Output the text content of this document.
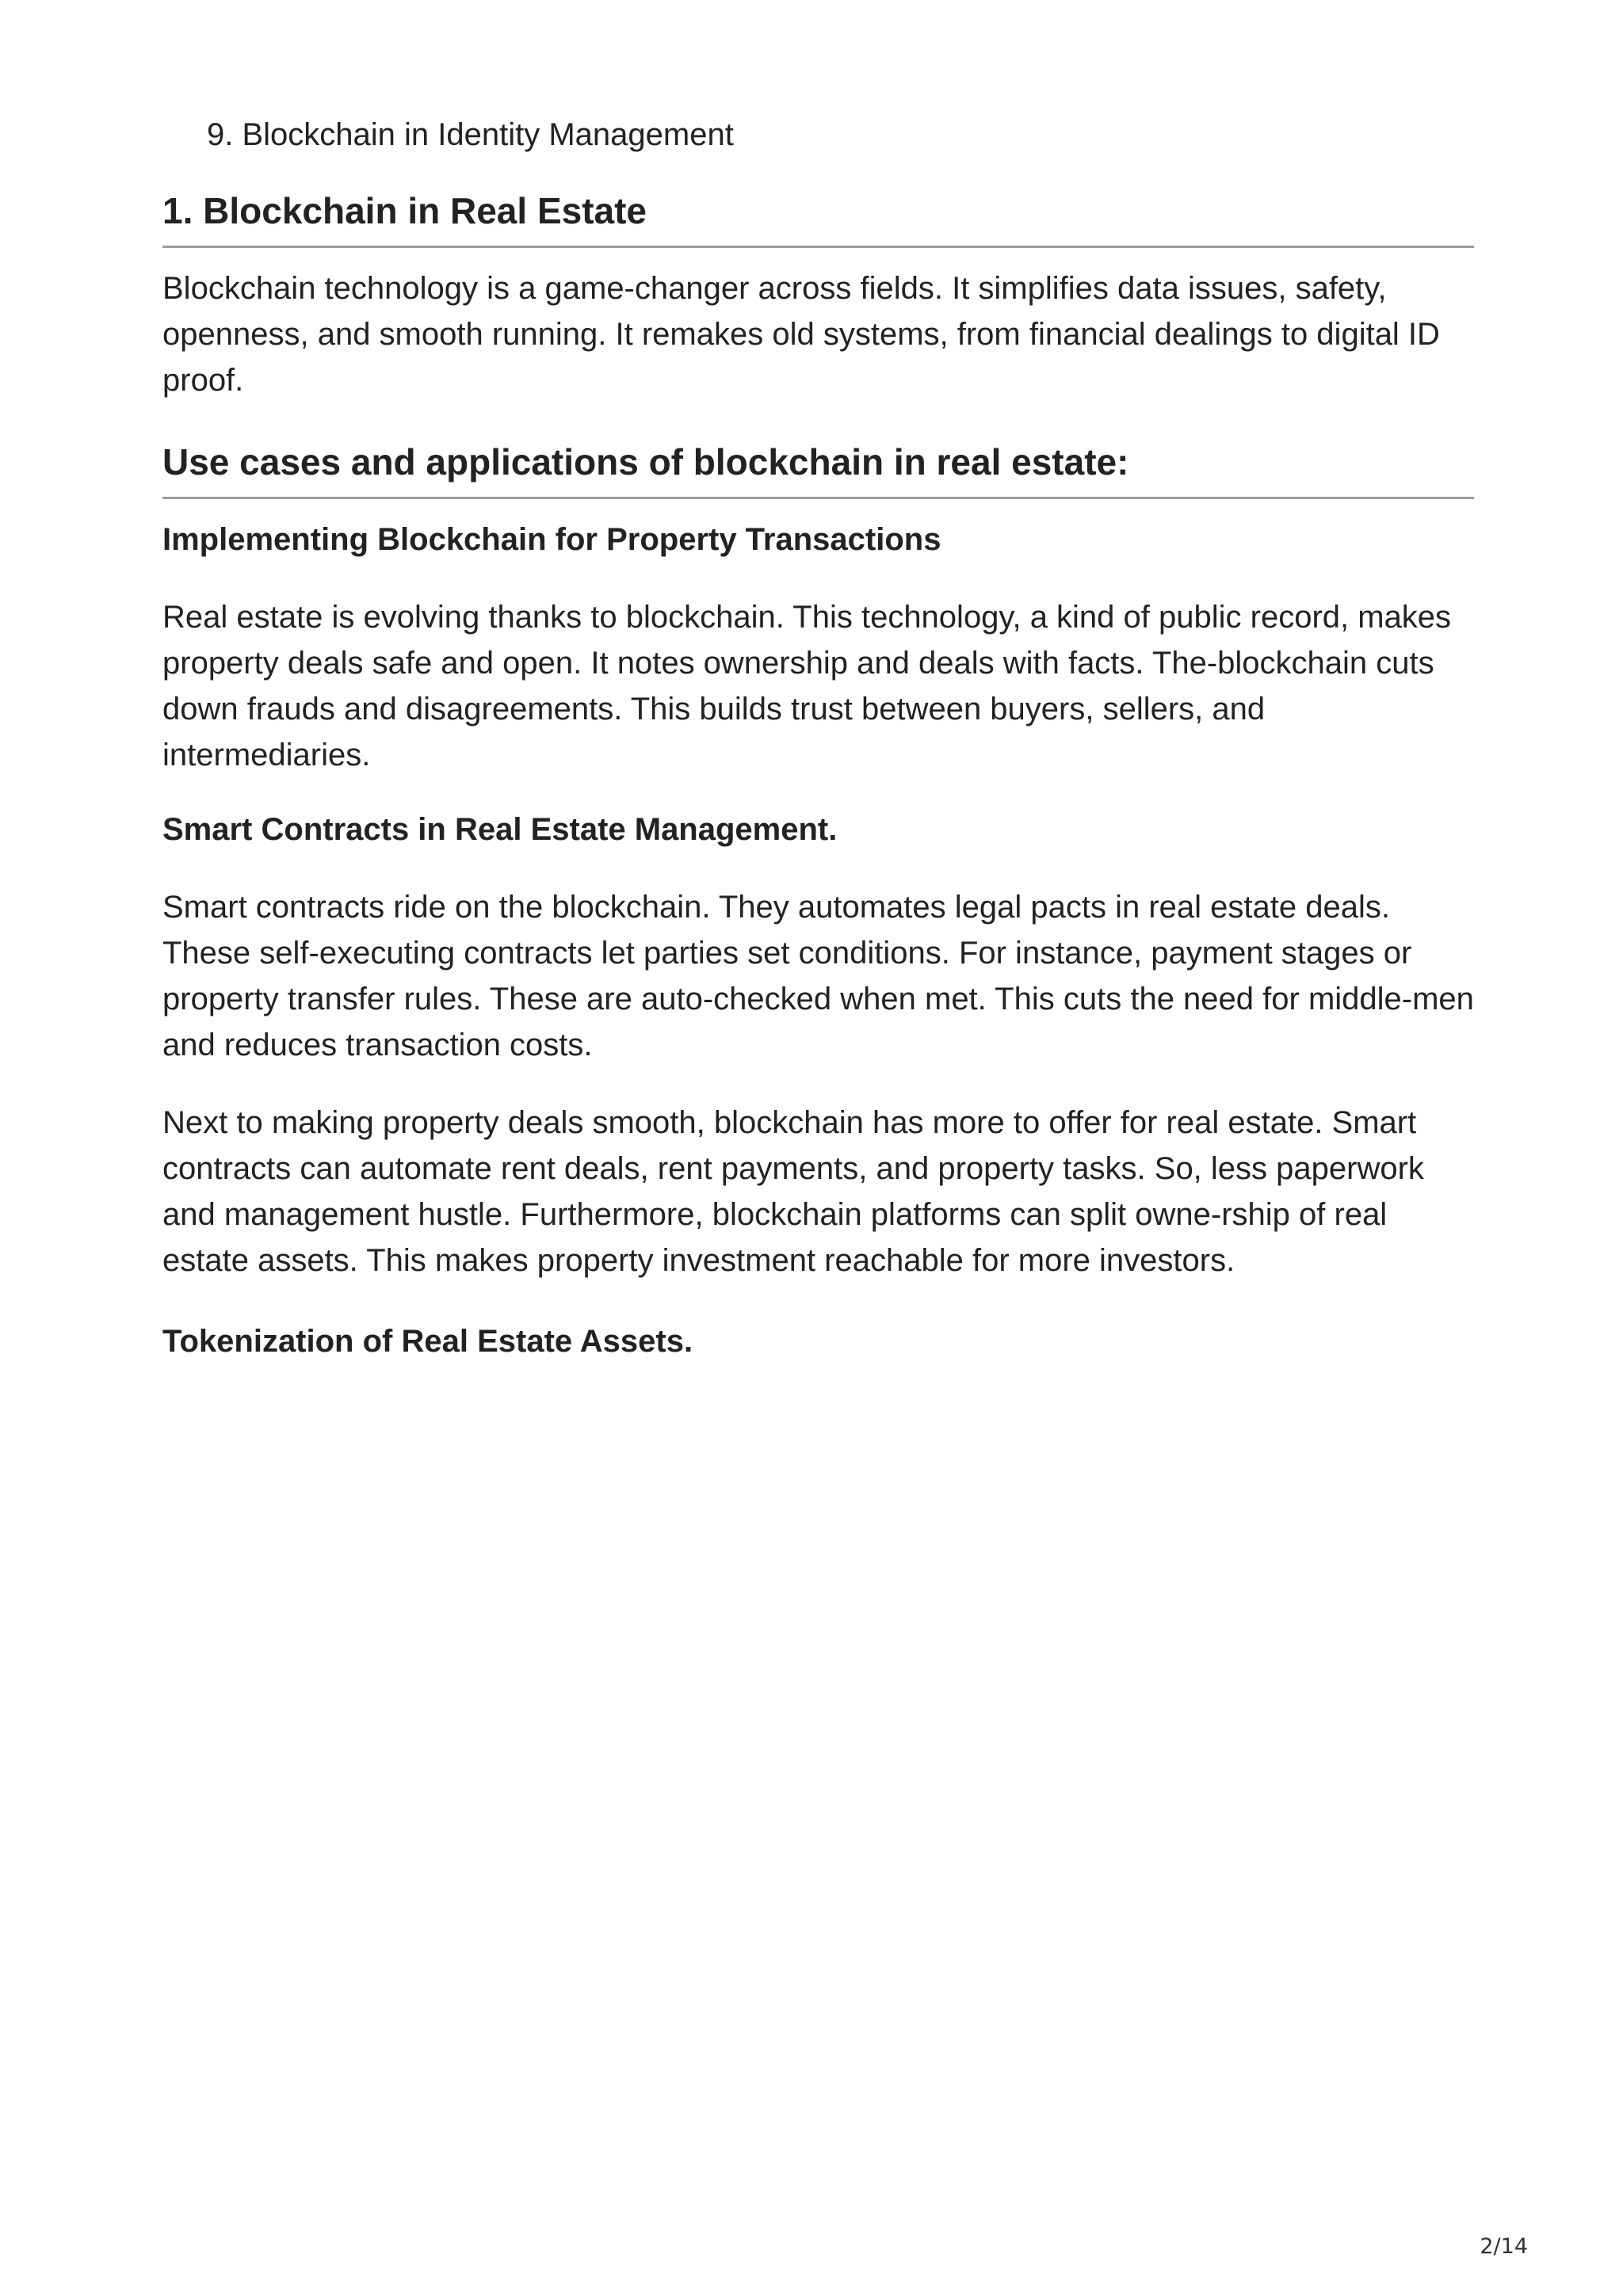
9. Blockchain in Identity Management
1. Blockchain in Real Estate

Blockchain technology is a game-changer across fields. It simplifies data issues, safety, openness, and smooth running. It remakes old systems, from financial dealings to digital ID proof.

Use cases and applications of blockchain in real estate:
Implementing Blockchain for Property Transactions

Real estate is evolving thanks to blockchain. This technology, a kind of public record, makes property deals safe and open. It notes ownership and deals with facts. The-blockchain cuts down frauds and disagreements. This builds trust between buyers, sellers, and intermediaries.

Smart Contracts in Real Estate Management.

Smart contracts ride on the blockchain. They automates legal pacts in real estate deals. These self-executing contracts let parties set conditions. For instance, payment stages or property transfer rules. These are auto-checked when met. This cuts the need for middle-men and reduces transaction costs.

Next to making property deals smooth, blockchain has more to offer for real estate. Smart contracts can automate rent deals, rent payments, and property tasks. So, less paperwork and management hustle. Furthermore, blockchain platforms can split owne-rship of real estate assets. This makes property investment reachable for more investors.

Tokenization of Real Estate Assets.
2/14
